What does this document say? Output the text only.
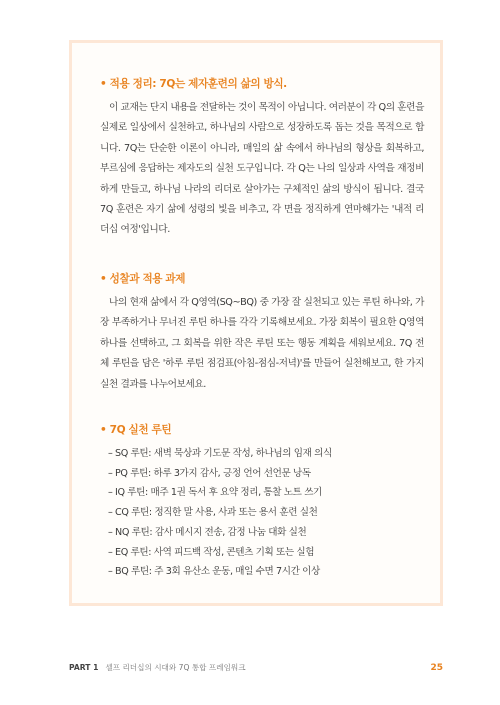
• 적용 정리: 7Q는 제자훈련의 삶의 방식.
이 교재는 단지 내용을 전달하는 것이 목적이 아닙니다. 여러분이 각 Q의 훈련을 실제로 일상에서 실천하고, 하나님의 사람으로 성장하도록 돕는 것을 목적으로 합니다. 7Q는 단순한 이론이 아니라, 매일의 삶 속에서 하나님의 형상을 회복하고, 부르심에 응답하는 제자도의 실천 도구입니다. 각 Q는 나의 일상과 사역을 재정비하게 만들고, 하나님 나라의 리더로 살아가는 구체적인 삶의 방식이 됩니다. 결국 7Q 훈련은 자기 삶에 성령의 빛을 비추고, 각 면을 정직하게 연마해가는 '내적 리더십 여정'입니다.
• 성찰과 적용 과제
나의 현재 삶에서 각 Q영역(SQ~BQ) 중 가장 잘 실천되고 있는 루틴 하나와, 가장 부족하거나 무너진 루틴 하나를 각각 기록해보세요. 가장 회복이 필요한 Q영역 하나를 선택하고, 그 회복을 위한 작은 루틴 또는 행동 계획을 세워보세요. 7Q 전체 루틴을 담은 '하루 루틴 점검표(아침-점심-저녁)'를 만들어 실천해보고, 한 가지 실천 결과를 나누어보세요.
• 7Q 실천 루틴
– SQ 루틴: 새벽 묵상과 기도문 작성, 하나님의 임재 의식
– PQ 루틴: 하루 3가지 감사, 긍정 언어 선언문 낭독
– IQ 루틴: 매주 1권 독서 후 요약 정리, 통찰 노트 쓰기
– CQ 루틴: 정직한 말 사용, 사과 또는 용서 훈련 실천
– NQ 루틴: 감사 메시지 전송, 감정 나눔 대화 실천
– EQ 루틴: 사역 피드백 작성, 콘텐츠 기획 또는 실험
– BQ 루틴: 주 3회 유산소 운동, 매일 수면 7시간 이상
PART 1 셀프 리더십의 시대와 7Q 통합 프레임워크	25
